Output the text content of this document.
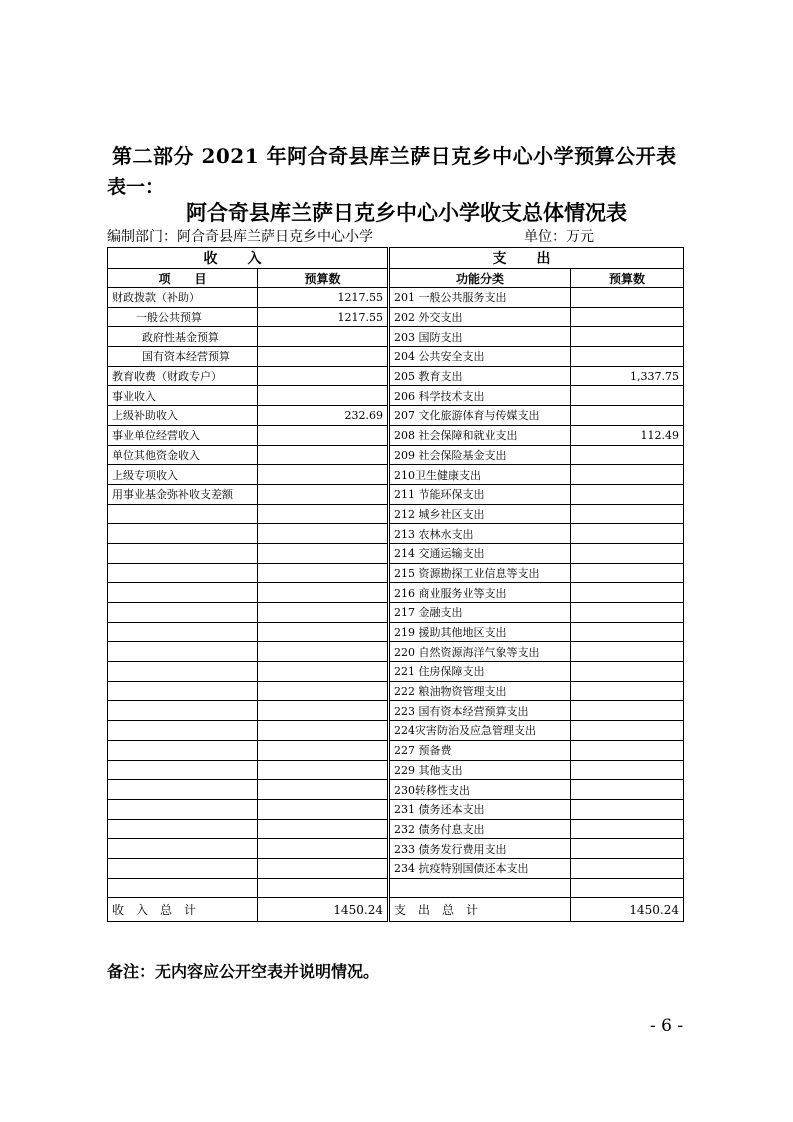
第二部分 2021 年阿合奇县库兰萨日克乡中心小学预算公开表
表一：
阿合奇县库兰萨日克乡中心小学收支总体情况表
编制部门：阿合奇县库兰萨日克乡中心小学	单位：万元
收入		支出	
项　　目	预算数	功能分类	预算数
财政拨款（补助）	1217.55	201 一般公共服务支出	
一般公共预算	1217.55	202 外交支出	
政府性基金预算		203 国防支出	
国有资本经营预算		204 公共安全支出	
教育收费（财政专户）		205 教育支出	1,337.75
事业收入		206 科学技术支出	
上级补助收入	232.69	207 文化旅游体育与传媒支出	
事业单位经营收入		208 社会保障和就业支出	112.49
单位其他资金收入		209 社会保险基金支出	
上级专项收入		210卫生健康支出	
用事业基金弥补收支差额		211 节能环保支出	
		212 城乡社区支出	
		213 农林水支出	
		214 交通运输支出	
		215 资源勘探工业信息等支出	
		216 商业服务业等支出	
		217 金融支出	
		219 援助其他地区支出	
		220 自然资源海洋气象等支出	
		221 住房保障支出	
		222 粮油物资管理支出	
		223 国有资本经营预算支出	
		224灾害防治及应急管理支出	
		227 预备费	
		229 其他支出	
		230转移性支出	
		231 债务还本支出	
		232 债务付息支出	
		233 债务发行费用支出	
		234 抗疫特别国债还本支出	

收　入　总　计	1450.24	支　出　总　计	1450.24
备注：无内容应公开空表并说明情况。
- 6 -
